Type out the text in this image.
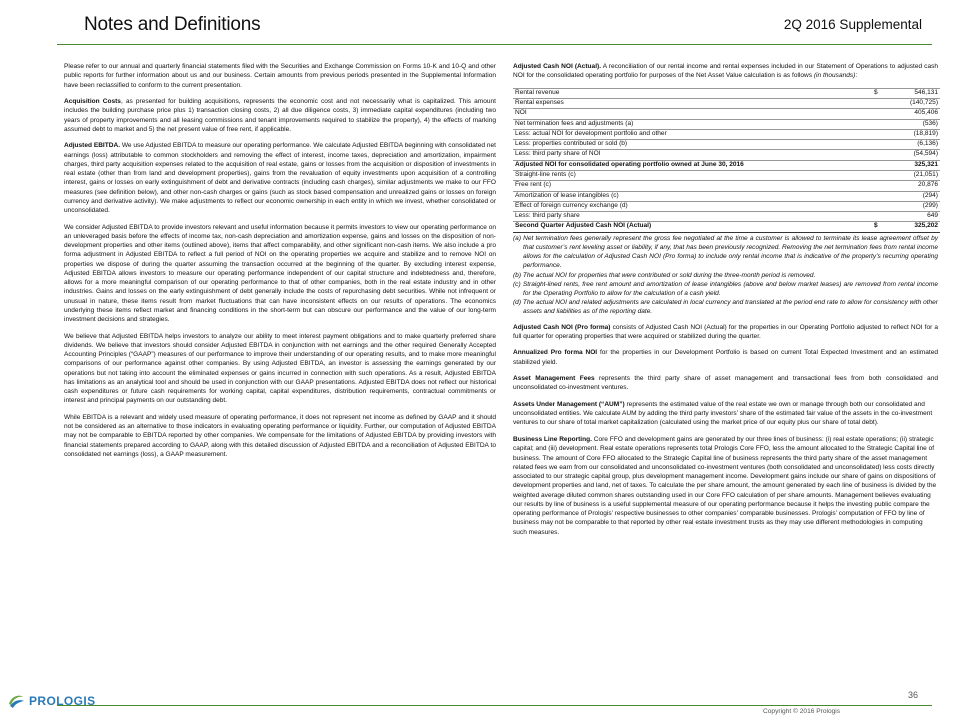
Notes and Definitions	2Q 2016 Supplemental

Please refer to our annual and quarterly financial statements filed with the Securities and Exchange Commission on Forms 10-K and 10-Q and other public reports for further information about us and our business. Certain amounts from previous periods presented in the Supplemental Information have been reclassified to conform to the current presentation.

Acquisition Costs, as presented for building acquisitions, represents the economic cost and not necessarily what is capitalized. This amount includes the building purchase price plus 1) transaction closing costs, 2) all due diligence costs, 3) immediate capital expenditures (including two years of property improvements and all leasing commissions and tenant improvements required to stabilize the property), 4) the effects of marking assumed debt to market and 5) the net present value of free rent, if applicable.

Adjusted EBITDA. We use Adjusted EBITDA to measure our operating performance. We calculate Adjusted EBITDA beginning with consolidated net earnings (loss) attributable to common stockholders and removing the effect of interest, income taxes, depreciation and amortization, impairment charges, third party acquisition expenses related to the acquisition of real estate, gains or losses from the acquisition or disposition of investments in real estate (other than from land and development properties), gains from the revaluation of equity investments upon acquisition of a controlling interest, gains or losses on early extinguishment of debt and derivative contracts (including cash charges), similar adjustments we make to our FFO measures (see definition below), and other non-cash charges or gains (such as stock based compensation and unrealized gains or losses on foreign currency and derivative activity). We make adjustments to reflect our economic ownership in each entity in which we invest, whether consolidated or unconsolidated.

We consider Adjusted EBITDA to provide investors relevant and useful information because it permits investors to view our operating performance on an unleveraged basis before the effects of income tax, non-cash depreciation and amortization expense, gains and losses on the disposition of non-development properties and other items (outlined above), items that affect comparability, and other significant non-cash items. We also include a pro forma adjustment in Adjusted EBITDA to reflect a full period of NOI on the operating properties we acquire and stabilize and to remove NOI on properties we dispose of during the quarter assuming the transaction occurred at the beginning of the quarter. By excluding interest expense, Adjusted EBITDA allows investors to measure our operating performance independent of our capital structure and indebtedness and, therefore, allows for a more meaningful comparison of our operating performance to that of other companies, both in the real estate industry and in other industries. Gains and losses on the early extinguishment of debt generally include the costs of repurchasing debt securities. While not infrequent or unusual in nature, these items result from market fluctuations that can have inconsistent effects on our results of operations. The economics underlying these items reflect market and financing conditions in the short-term but can obscure our performance and the value of our long-term investment decisions and strategies.

We believe that Adjusted EBITDA helps investors to analyze our ability to meet interest payment obligations and to make quarterly preferred share dividends. We believe that investors should consider Adjusted EBITDA in conjunction with net earnings and the other required Generally Accepted Accounting Principles (“GAAP”) measures of our performance to improve their understanding of our operating results, and to make more meaningful comparisons of our performance against other companies. By using Adjusted EBITDA, an investor is assessing the earnings generated by our operations but not taking into account the eliminated expenses or gains incurred in connection with such operations. As a result, Adjusted EBITDA has limitations as an analytical tool and should be used in conjunction with our GAAP presentations. Adjusted EBITDA does not reflect our historical cash expenditures or future cash requirements for working capital, capital expenditures, distribution requirements, contractual commitments or interest and principal payments on our outstanding debt.

While EBITDA is a relevant and widely used measure of operating performance, it does not represent net income as defined by GAAP and it should not be considered as an alternative to those indicators in evaluating operating performance or liquidity. Further, our computation of Adjusted EBITDA may not be comparable to EBITDA reported by other companies. We compensate for the limitations of Adjusted EBITDA by providing investors with financial statements prepared according to GAAP, along with this detailed discussion of Adjusted EBITDA and a reconciliation of Adjusted EBITDA to consolidated net earnings (loss), a GAAP measurement.

Adjusted Cash NOI (Actual). A reconciliation of our rental income and rental expenses included in our Statement of Operations to adjusted cash NOI for the consolidated operating portfolio for purposes of the Net Asset Value calculation is as follows (in thousands):

Rental revenue	$	546,131
Rental expenses		(140,725)
NOI		405,406
Net termination fees and adjustments (a)		(536)
Less: actual NOI for development portfolio and other		(18,819)
Less: properties contributed or sold (b)		(6,136)
Less: third party share of NOI		(54,594)
Adjusted NOI for consolidated operating portfolio owned at June 30, 2016		325,321
Straight-line rents (c)		(21,051)
Free rent (c)		20,876
Amortization of lease intangibles (c)		(294)
Effect of foreign currency exchange (d)		(299)
Less: third party share		649
Second Quarter Adjusted Cash NOI (Actual)	$	325,202
(a) Net termination fees generally represent the gross fee negotiated at the time a customer is allowed to terminate its lease agreement offset by that customer’s rent leveling asset or liability, if any, that has been previously recognized. Removing the net termination fees from rental income allows for the calculation of Adjusted Cash NOI (Pro forma) to include only rental income that is indicative of the property’s recurring operating performance.
(b) The actual NOI for properties that were contributed or sold during the three-month period is removed.
(c) Straight-lined rents, free rent amount and amortization of lease intangibles (above and below market leases) are removed from rental income for the Operating Portfolio to allow for the calculation of a cash yield.
(d) The actual NOI and related adjustments are calculated in local currency and translated at the period end rate to allow for consistency with other assets and liabilities as of the reporting date.

Adjusted Cash NOI (Pro forma) consists of Adjusted Cash NOI (Actual) for the properties in our Operating Portfolio adjusted to reflect NOI for a full quarter for operating properties that were acquired or stabilized during the quarter.

Annualized Pro forma NOI for the properties in our Development Portfolio is based on current Total Expected Investment and an estimated stabilized yield.

Asset Management Fees represents the third party share of asset management and transactional fees from both consolidated and unconsolidated co-investment ventures.

Assets Under Management (“AUM”) represents the estimated value of the real estate we own or manage through both our consolidated and unconsolidated entities. We calculate AUM by adding the third party investors’ share of the estimated fair value of the assets in the co-investment ventures to our share of total market capitalization (calculated using the market price of our equity plus our share of total debt).

Business Line Reporting. Core FFO and development gains are generated by our three lines of business: (i) real estate operations; (ii) strategic capital; and (iii) development. Real estate operations represents total Prologis Core FFO, less the amount allocated to the Strategic Capital line of business. The amount of Core FFO allocated to the Strategic Capital line of business represents the third party share of the asset management related fees we earn from our consolidated and unconsolidated co-investment ventures (both consolidated and unconsolidated) less costs directly associated to our strategic capital group, plus development management income. Development gains include our share of gains on dispositions of development properties and land, net of taxes. To calculate the per share amount, the amount generated by each line of business is divided by the weighted average diluted common shares outstanding used in our Core FFO calculation of per share amounts. Management believes evaluating our results by line of business is a useful supplemental measure of our operating performance because it helps the investing public compare the operating performance of Prologis’ respective businesses to other companies’ comparable businesses. Prologis’ computation of FFO by line of business may not be comparable to that reported by other real estate investment trusts as they may use different methodologies in computing such measures.

PROLOGIS	36
Copyright © 2016 Prologis
